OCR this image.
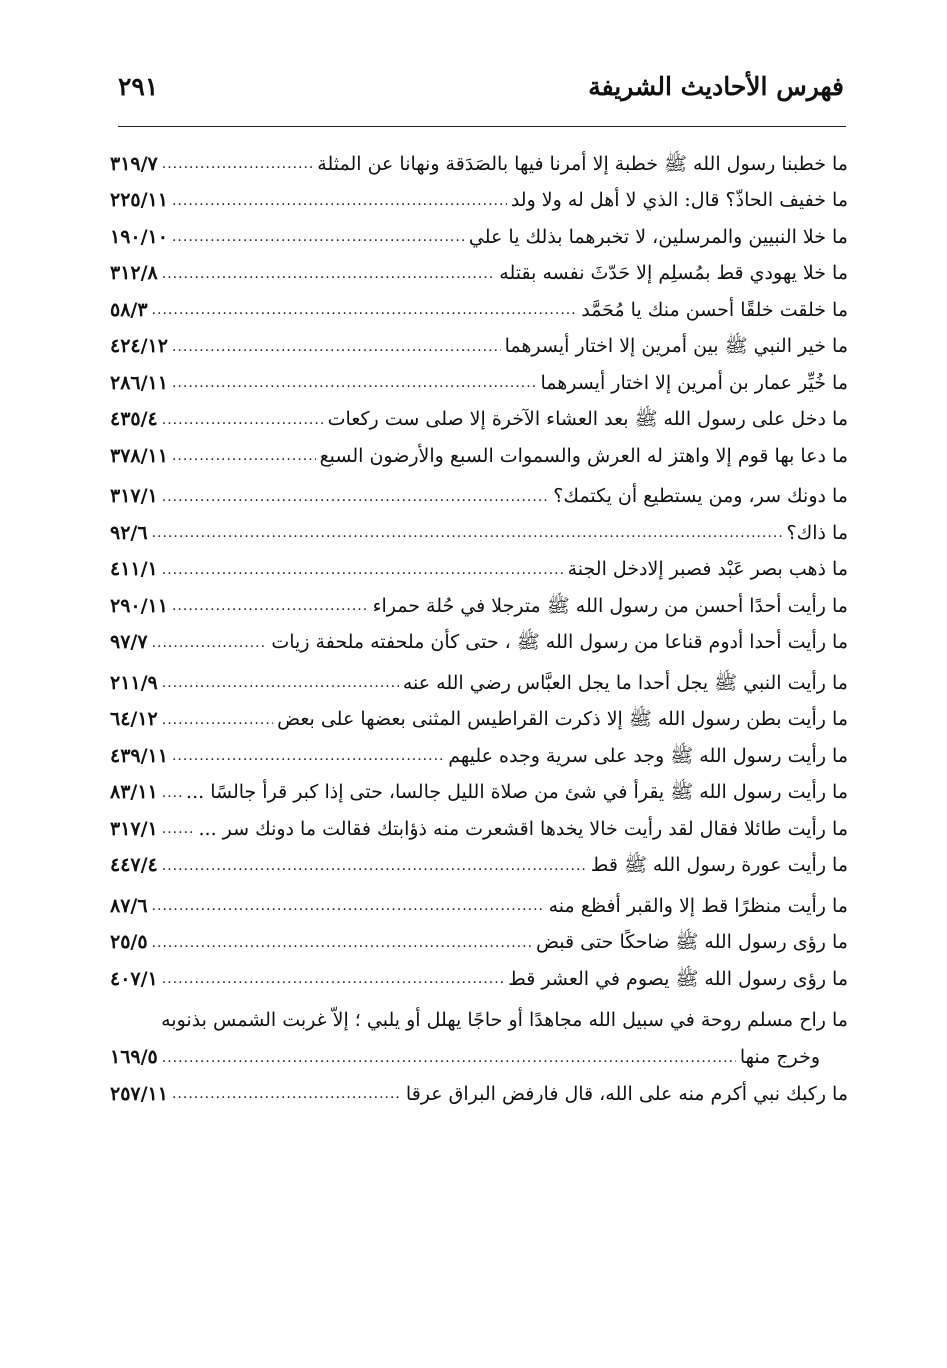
فهرس الأحاديث الشريفة
٢٩١
ما خطبنا رسول الله ﷺ خطبة إلا أمرنا فيها بالصَدَقة ونهانا عن المثلة
.....
٣١٩/٧
ما خفيف الحاذّ؟ قال: الذي لا أهل له ولا ولد
.....
٢٢٥/١١
ما خلا النبيين والمرسلين، لا تخبرهما بذلك يا علي
.....
١٩٠/١٠
ما خلا يهودي قط بمُسلِم إلا حَدّثَ نفسه بقتله
.....
٣١٢/٨
ما خلقت خلقًا أحسن منك يا مُحَمَّد
.....
٥٨/٣
ما خير النبي ﷺ بين أمرين إلا اختار أيسرهما
.....
٤٢٤/١٢
ما خُيِّر عمار بن أمرين إلا اختار أيسرهما
.....
٢٨٦/١١
ما دخل على رسول الله ﷺ بعد العشاء الآخرة إلا صلى ست ركعات
.....
٤٣٥/٤
ما دعا بها قوم إلا واهتز له العرش والسموات السبع والأرضون السبع
.....
٣٧٨/١١
ما دونك سر، ومن يستطيع أن يكتمك؟
.....
٣١٧/١
ما ذاك؟
.....
٩٢/٦
ما ذهب بصر عَبْد فصبر إلادخل الجنة
.....
٤١١/١
ما رأيت أحدًا أحسن من رسول الله ﷺ مترجلا في حُلة حمراء
.....
٢٩٠/١١
ما رأيت أحدا أدوم قناعا من رسول الله ﷺ ، حتى كأن ملحفته ملحفة زيات
.....
٩٧/٧
ما رأيت النبي ﷺ يجل أحدا ما يجل العبَّاس رضي الله عنه
.....
٢١١/٩
ما رأيت بطن رسول الله ﷺ إلا ذكرت القراطيس المثنى بعضها على بعض
.....
٦٤/١٢
ما رأيت رسول الله ﷺ وجد على سرية وجده عليهم
.....
٤٣٩/١١
ما رأيت رسول الله ﷺ يقرأ في شئ من صلاة الليل جالسا، حتى إذا كبر قرأ جالسًا ...
.....
٨٣/١١
ما رأيت طائلا فقال لقد رأيت خالا يخدها اقشعرت منه ذؤابتك فقالت ما دونك سر ...
.....
٣١٧/١
ما رأيت عورة رسول الله ﷺ قط
.....
٤٤٧/٤
ما رأيت منظرًا قط إلا والقبر أفظع منه
.....
٨٧/٦
ما رؤى رسول الله ﷺ ضاحكًا حتى قبض
.....
٢٥/٥
ما رؤى رسول الله ﷺ يصوم في العشر قط
.....
٤٠٧/١
ما راح مسلم روحة في سبيل الله مجاهدًا أو حاجًا يهلل أو يلبي ؛ إلاّ غربت الشمس بذنوبه
وخرج منها
.....
١٦٩/٥
ما ركبك نبي أكرم منه على الله، قال فارفض البراق عرقا
.....
٢٥٧/١١
